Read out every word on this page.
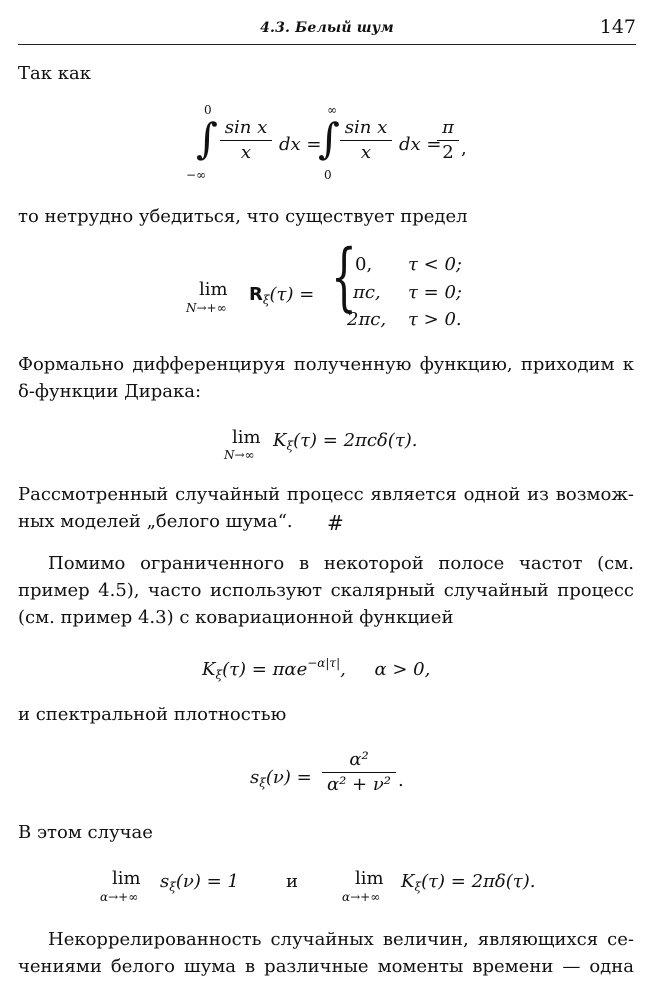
4.3. Белый шум	147
Так как
0
∫
−∞
sin x
x	dx =
∞
∫
0
sin x
x	dx =
π
2 ,
то нетрудно убедиться, что существует предел
lim
N→+∞
$R_\xi(\tau)$ = {
0, τ < 0;
πc, τ = 0;
2πc, τ > 0.
Формально дифференцируя полученную функцию, приходим к
δ-функции Дирака:
lim
N→∞
$K_\xi(\tau) = 2\pi c\delta(\tau)$.
Рассмотренный случайный процесс является одной из возмож-
ных моделей „белого шума“. #
Помимо ограниченного в некоторой полосе частот (см.
пример 4.5), часто используют скалярный случайный процесс
(см. пример 4.3) с ковариационной функцией
$K_\xi(\tau) = \pi\alpha e^{-\alpha|\tau|}$,     α > 0,
и спектральной плотностью
$s_\xi(\nu)$ =
α²
α² + ν² .
В этом случае
lim
α→+∞
$s_\xi(\nu) = 1$	и	lim
α→+∞
$K_\xi(\tau) = 2\pi\delta(\tau)$.
Некоррелированность случайных величин, являющихся се-
чениями белого шума в различные моменты времени — одна
